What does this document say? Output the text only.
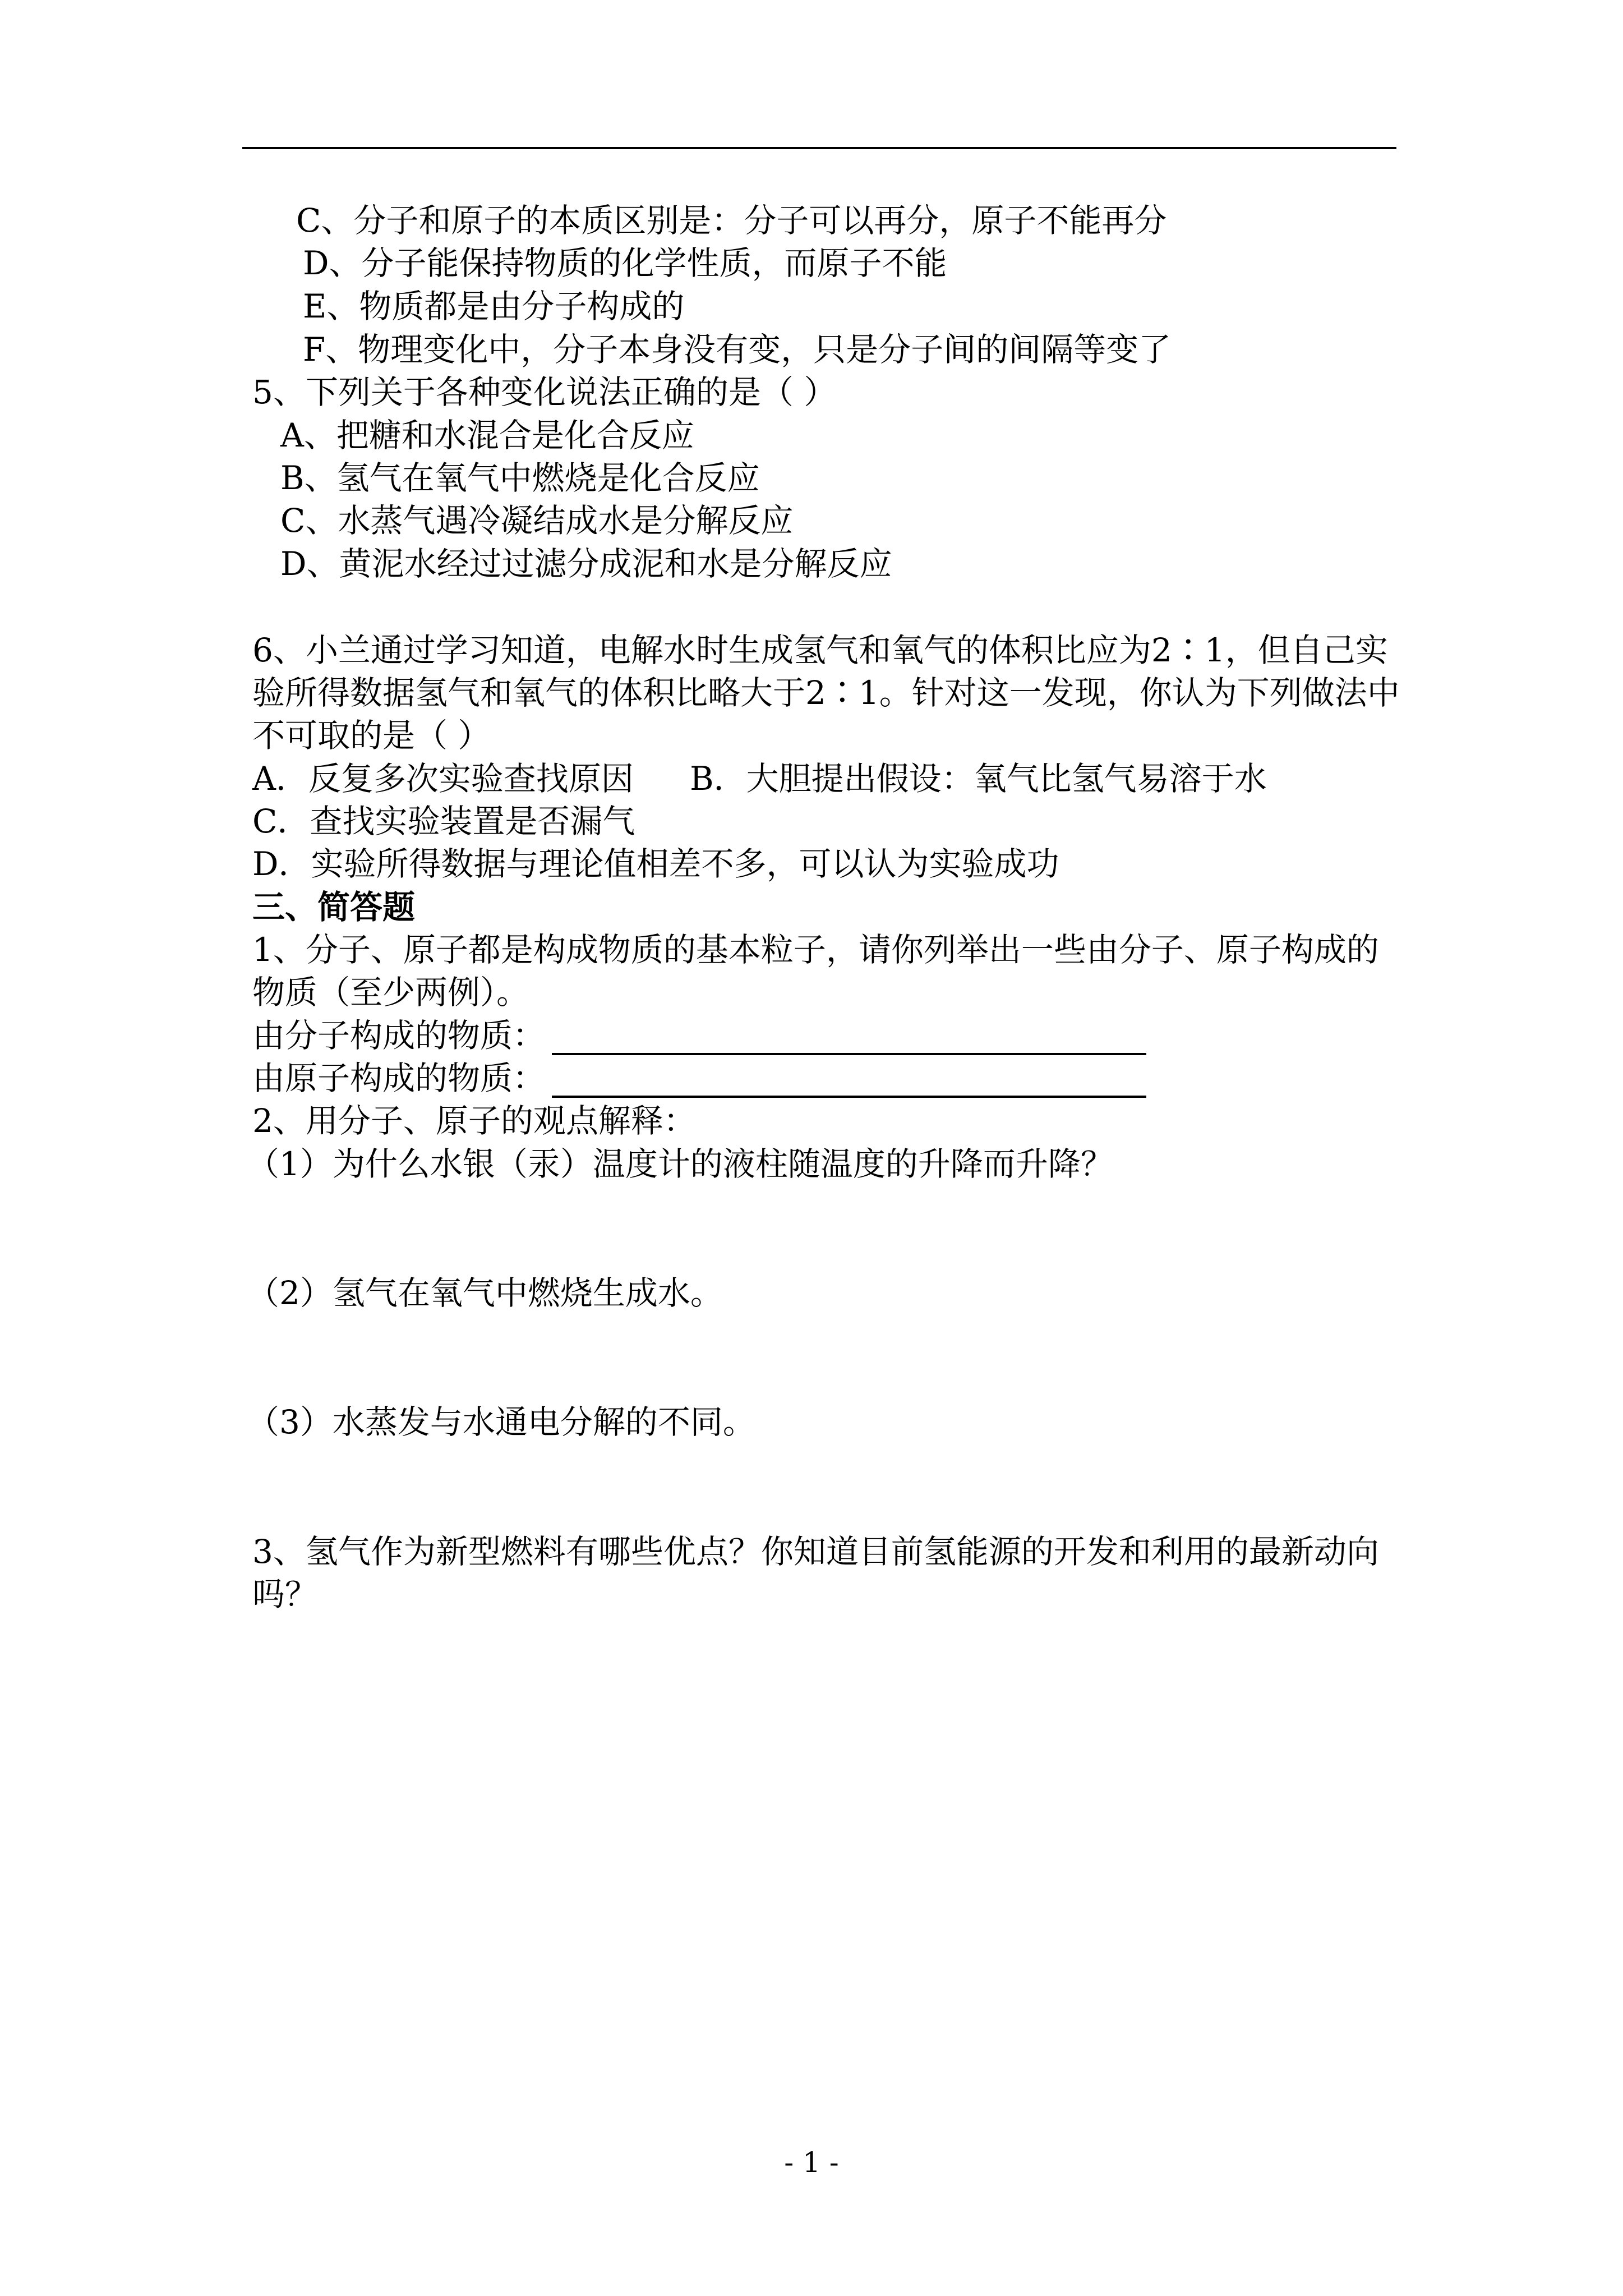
C、分子和原子的本质区别是：分子可以再分，原子不能再分
D、分子能保持物质的化学性质，而原子不能
E、物质都是由分子构成的
F、物理变化中，分子本身没有变，只是分子间的间隔等变了
5、下列关于各种变化说法正确的是（ ）
A、把糖和水混合是化合反应
B、氢气在氧气中燃烧是化合反应
C、水蒸气遇冷凝结成水是分解反应
D、黄泥水经过过滤分成泥和水是分解反应
6、小兰通过学习知道，电解水时生成氢气和氧气的体积比应为2∶1，但自己实
验所得数据氢气和氧气的体积比略大于2∶1。针对这一发现，你认为下列做法中
不可取的是（ ）
A．反复多次实验查找原因 B．大胆提出假设：氧气比氢气易溶于水
C．查找实验装置是否漏气
D．实验所得数据与理论值相差不多，可以认为实验成功
三、简答题
1、分子、原子都是构成物质的基本粒子，请你列举出一些由分子、原子构成的
物质（至少两例）。
由分子构成的物质：
由原子构成的物质：
2、用分子、原子的观点解释：
（1）为什么水银（汞）温度计的液柱随温度的升降而升降？
（2）氢气在氧气中燃烧生成水。
（3）水蒸发与水通电分解的不同。
3、氢气作为新型燃料有哪些优点？你知道目前氢能源的开发和利用的最新动向
吗？
- 1 -
